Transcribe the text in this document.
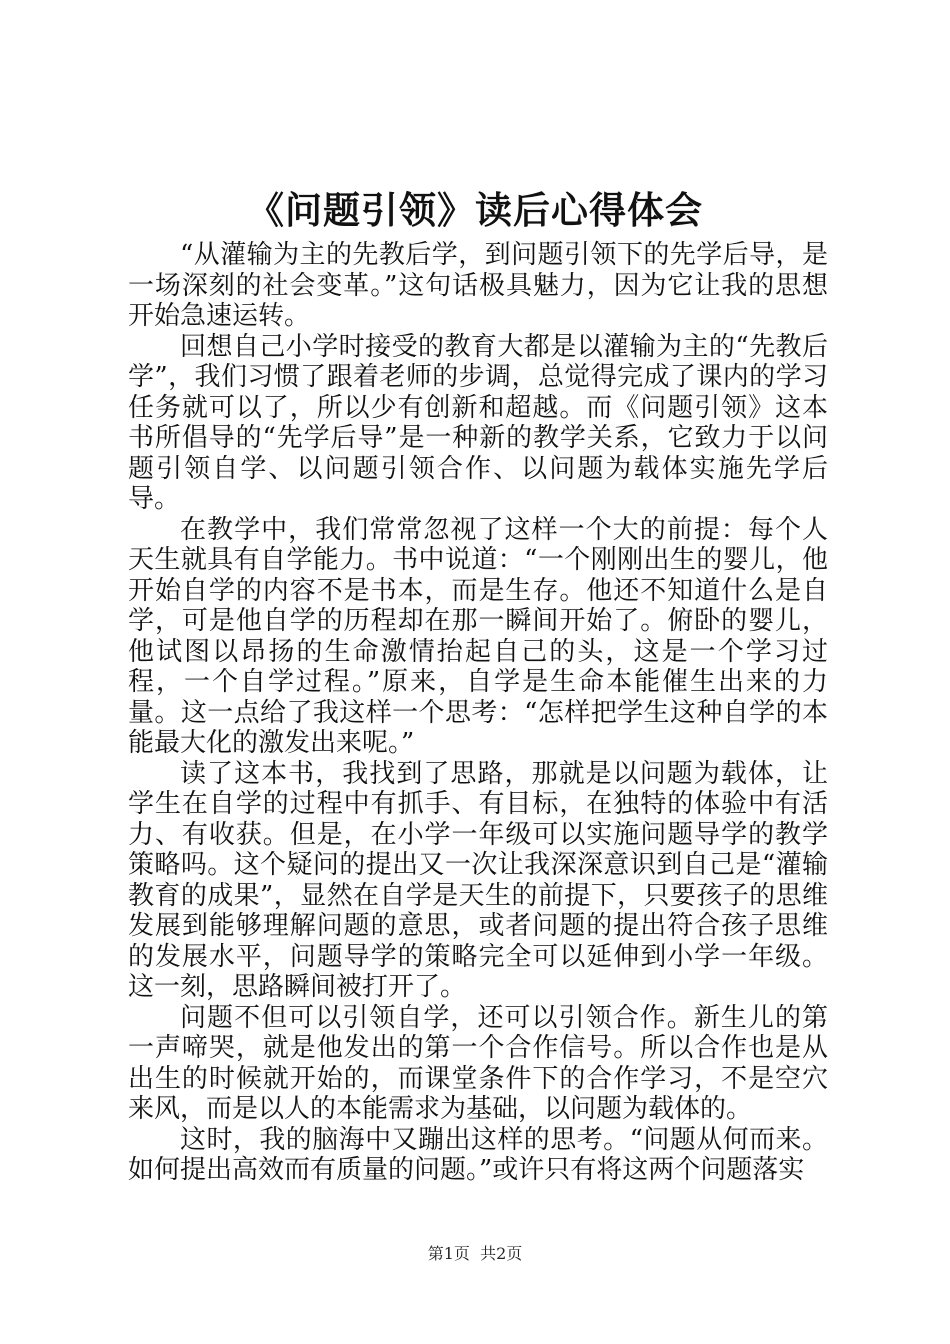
《问题引领》读后心得体会

“从灌输为主的先教后学，到问题引领下的先学后导，是一场深刻的社会变革。”这句话极具魅力，因为它让我的思想开始急速运转。

回想自己小学时接受的教育大都是以灌输为主的“先教后学”，我们习惯了跟着老师的步调，总觉得完成了课内的学习任务就可以了，所以少有创新和超越。而《问题引领》这本书所倡导的“先学后导”是一种新的教学关系，它致力于以问题引领自学、以问题引领合作、以问题为载体实施先学后导。

在教学中，我们常常忽视了这样一个大的前提：每个人天生就具有自学能力。书中说道：“一个刚刚出生的婴儿，他开始自学的内容不是书本，而是生存。他还不知道什么是自学，可是他自学的历程却在那一瞬间开始了。俯卧的婴儿，他试图以昂扬的生命激情抬起自己的头，这是一个学习过程，一个自学过程。”原来，自学是生命本能催生出来的力量。这一点给了我这样一个思考：“怎样把学生这种自学的本能最大化的激发出来呢。”

读了这本书，我找到了思路，那就是以问题为载体，让学生在自学的过程中有抓手、有目标，在独特的体验中有活力、有收获。但是，在小学一年级可以实施问题导学的教学策略吗。这个疑问的提出又一次让我深深意识到自己是“灌输教育的成果”，显然在自学是天生的前提下，只要孩子的思维发展到能够理解问题的意思，或者问题的提出符合孩子思维的发展水平，问题导学的策略完全可以延伸到小学一年级。这一刻，思路瞬间被打开了。

问题不但可以引领自学，还可以引领合作。新生儿的第一声啼哭，就是他发出的第一个合作信号。所以合作也是从出生的时候就开始的，而课堂条件下的合作学习，不是空穴来风，而是以人的本能需求为基础，以问题为载体的。

这时，我的脑海中又蹦出这样的思考。“问题从何而来。如何提出高效而有质量的问题。”或许只有将这两个问题落实

第1页  共2页
